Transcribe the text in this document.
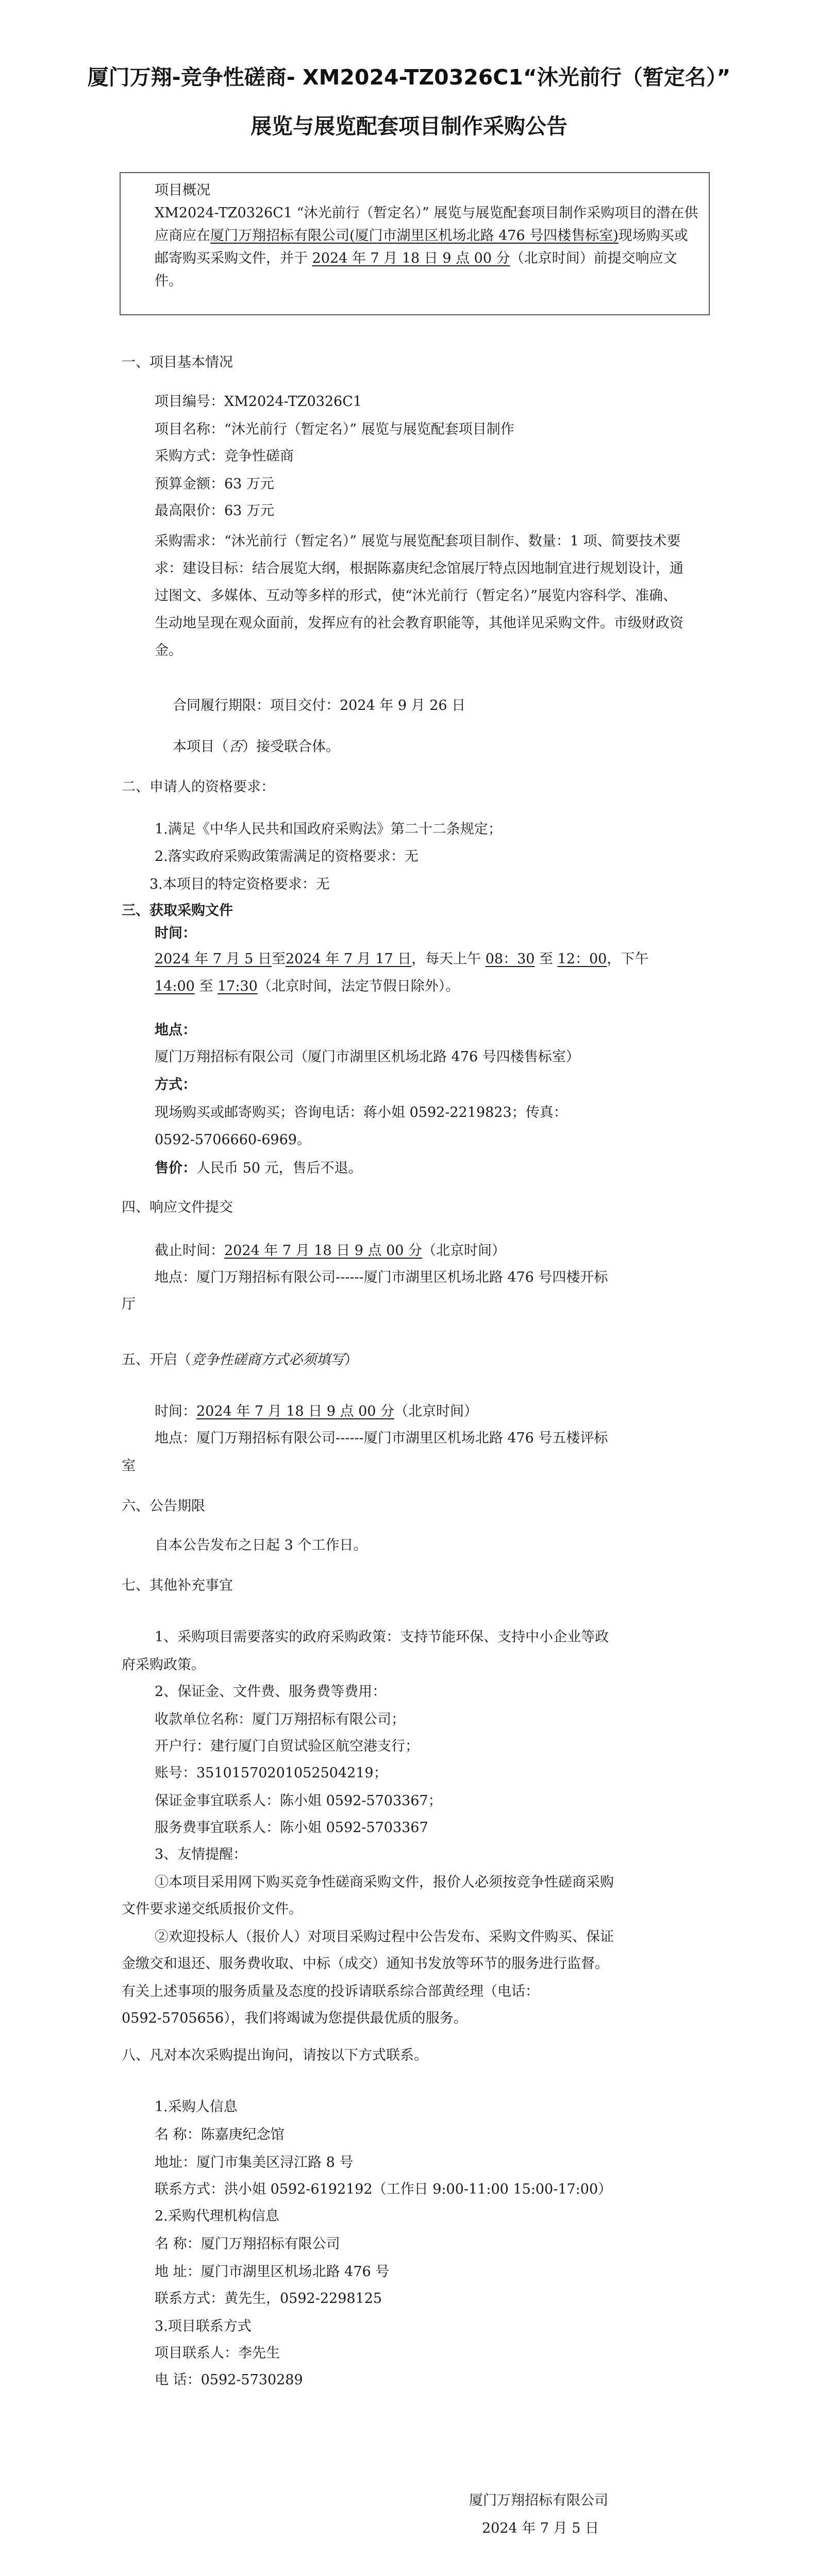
厦门万翔-竞争性磋商- XM2024-TZ0326C1“沐光前行（暂定名）”
展览与展览配套项目制作采购公告
项目概况
XM2024-TZ0326C1 “沐光前行（暂定名）” 展览与展览配套项目制作采购项目的潜在供应商应在厦门万翔招标有限公司(厦门市湖里区机场北路 476 号四楼售标室)现场购买或邮寄购买采购文件，并于 2024 年 7 月 18 日 9 点 00 分（北京时间）前提交响应文件。
一、项目基本情况
项目编号：XM2024-TZ0326C1
项目名称：“沐光前行（暂定名）” 展览与展览配套项目制作
采购方式：竞争性磋商
预算金额：63 万元
最高限价：63 万元
采购需求：“沐光前行（暂定名）” 展览与展览配套项目制作、数量：1 项、简要技术要求：建设目标：结合展览大纲，根据陈嘉庚纪念馆展厅特点因地制宜进行规划设计，通过图文、多媒体、互动等多样的形式，使“沐光前行（暂定名）”展览内容科学、准确、生动地呈现在观众面前，发挥应有的社会教育职能等，其他详见采购文件。市级财政资金。
合同履行期限：项目交付：2024 年 9 月 26 日
本项目（否）接受联合体。
二、申请人的资格要求：
1.满足《中华人民共和国政府采购法》第二十二条规定；
2.落实政府采购政策需满足的资格要求：无
3.本项目的特定资格要求：无
三、获取采购文件
时间：
2024 年 7 月 5 日至2024 年 7 月 17 日，每天上午 08：30 至 12：00，下午
14:00 至 17:30（北京时间，法定节假日除外）。
地点：
厦门万翔招标有限公司（厦门市湖里区机场北路 476 号四楼售标室）
方式：
现场购买或邮寄购买；咨询电话：蒋小姐 0592-2219823；传真：
0592-5706660-6969。
售价：人民币 50 元，售后不退。
四、响应文件提交
截止时间：2024 年 7 月 18 日 9 点 00 分（北京时间）
地点：厦门万翔招标有限公司------厦门市湖里区机场北路 476 号四楼开标
厅
五、开启（竞争性磋商方式必须填写）
时间：2024 年 7 月 18 日 9 点 00 分（北京时间）
地点：厦门万翔招标有限公司------厦门市湖里区机场北路 476 号五楼评标
室
六、公告期限
自本公告发布之日起 3 个工作日。
七、其他补充事宜
1、采购项目需要落实的政府采购政策：支持节能环保、支持中小企业等政
府采购政策。
2、保证金、文件费、服务费等费用：
收款单位名称：厦门万翔招标有限公司；
开户行：建行厦门自贸试验区航空港支行；
账号：35101570201052504219；
保证金事宜联系人：陈小姐 0592-5703367；
服务费事宜联系人：陈小姐 0592-5703367
3、友情提醒：
①本项目采用网下购买竞争性磋商采购文件，报价人必须按竞争性磋商采购
文件要求递交纸质报价文件。
②欢迎投标人（报价人）对项目采购过程中公告发布、采购文件购买、保证
金缴交和退还、服务费收取、中标（成交）通知书发放等环节的服务进行监督。
有关上述事项的服务质量及态度的投诉请联系综合部黄经理（电话：
0592-5705656），我们将竭诚为您提供最优质的服务。
八、凡对本次采购提出询问，请按以下方式联系。
1.采购人信息
名 称：陈嘉庚纪念馆
地址：厦门市集美区浔江路 8 号
联系方式：洪小姐 0592-6192192（工作日 9:00-11:00 15:00-17:00）
2.采购代理机构信息
名 称：厦门万翔招标有限公司
地 址：厦门市湖里区机场北路 476 号
联系方式：黄先生，0592-2298125
3.项目联系方式
项目联系人：李先生
电 话：0592-5730289
厦门万翔招标有限公司
2024 年 7 月 5 日
